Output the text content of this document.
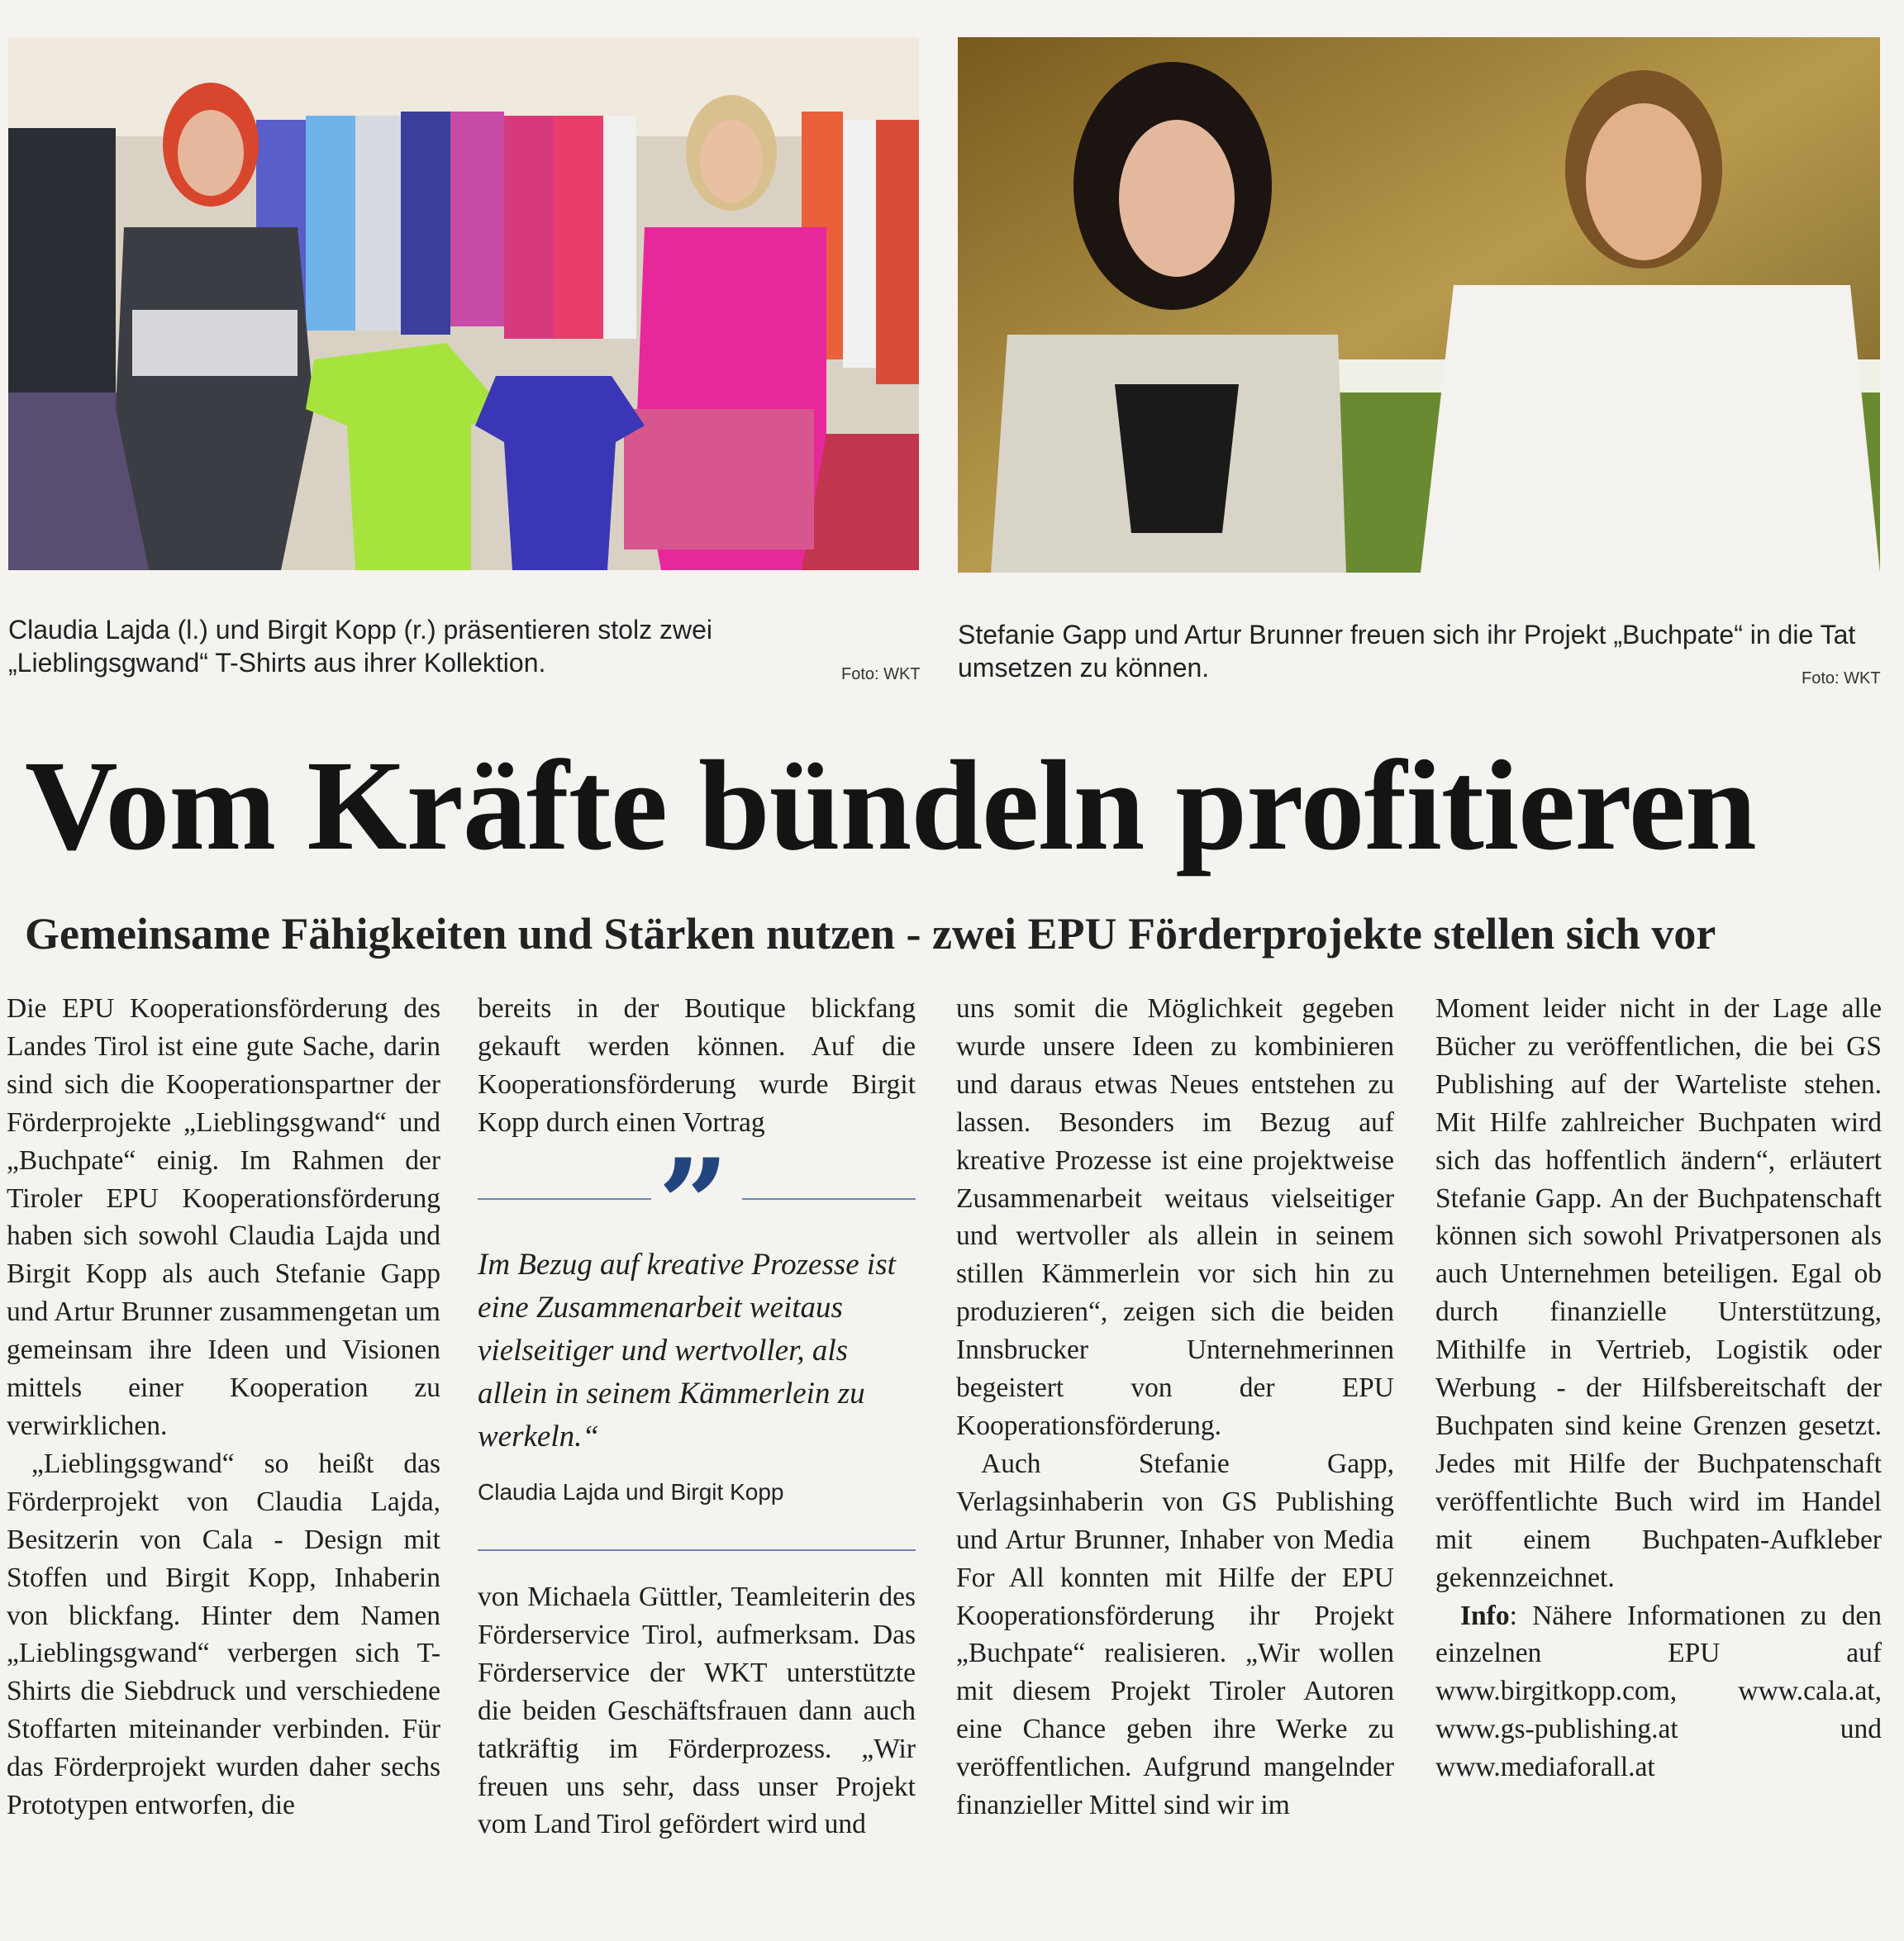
Claudia Lajda (l.) und Birgit Kopp (r.) präsentieren stolz zwei „Lieblingsgwand“ T-Shirts aus ihrer Kollektion.	Foto: WKT
Stefanie Gapp und Artur Brunner freuen sich ihr Projekt „Buchpate“ in die Tat umsetzen zu können.	Foto: WKT
Vom Kräfte bündeln profitieren
Gemeinsame Fähigkeiten und Stärken nutzen - zwei EPU Förderprojekte stellen sich vor

Die EPU Kooperationsförderung des Landes Tirol ist eine gute Sache, darin sind sich die Kooperationspartner der Förderprojekte „Lieblingsgwand“ und „Buchpate“ einig. Im Rahmen der Tiroler EPU Kooperationsförderung haben sich sowohl Claudia Lajda und Birgit Kopp als auch Stefanie Gapp und Artur Brunner zusammengetan um gemeinsam ihre Ideen und Visionen mittels einer Kooperation zu verwirklichen.

„Lieblingsgwand“ so heißt das Förderprojekt von Claudia Lajda, Besitzerin von Cala - Design mit Stoffen und Birgit Kopp, Inhaberin von blickfang. Hinter dem Namen „Lieblingsgwand“ verbergen sich T-Shirts die Siebdruck und verschiedene Stoffarten miteinander verbinden. Für das Förderprojekt wurden daher sechs Prototypen entworfen, die

bereits in der Boutique blickfang gekauft werden können. Auf die Kooperationsförderung wurde Birgit Kopp durch einen Vortrag

”
Im Bezug auf kreative Prozesse ist eine Zusammenarbeit weitaus vielseitiger und wertvoller, als allein in seinem Kämmerlein zu werkeln.“
Claudia Lajda und Birgit Kopp

von Michaela Güttler, Teamleiterin des Förderservice Tirol, aufmerksam. Das Förderservice der WKT unterstützte die beiden Geschäftsfrauen dann auch tatkräftig im Förderprozess. „Wir freuen uns sehr, dass unser Projekt vom Land Tirol gefördert wird und

uns somit die Möglichkeit gegeben wurde unsere Ideen zu kombinieren und daraus etwas Neues entstehen zu lassen. Besonders im Bezug auf kreative Prozesse ist eine projektweise Zusammenarbeit weitaus vielseitiger und wertvoller als allein in seinem stillen Kämmerlein vor sich hin zu produzieren“, zeigen sich die beiden Innsbrucker Unternehmerinnen begeistert von der EPU Kooperationsförderung.

Auch Stefanie Gapp, Verlagsinhaberin von GS Publishing und Artur Brunner, Inhaber von Media For All konnten mit Hilfe der EPU Kooperationsförderung ihr Projekt „Buchpate“ realisieren. „Wir wollen mit diesem Projekt Tiroler Autoren eine Chance geben ihre Werke zu veröffentlichen. Aufgrund mangelnder finanzieller Mittel sind wir im

Moment leider nicht in der Lage alle Bücher zu veröffentlichen, die bei GS Publishing auf der Warteliste stehen. Mit Hilfe zahlreicher Buchpaten wird sich das hoffentlich ändern“, erläutert Stefanie Gapp. An der Buchpatenschaft können sich sowohl Privatpersonen als auch Unternehmen beteiligen. Egal ob durch finanzielle Unterstützung, Mithilfe in Vertrieb, Logistik oder Werbung - der Hilfsbereitschaft der Buchpaten sind keine Grenzen gesetzt. Jedes mit Hilfe der Buchpatenschaft veröffentlichte Buch wird im Handel mit einem Buchpaten-Aufkleber gekennzeichnet.

Info: Nähere Informationen zu den einzelnen EPU auf www.birgitkopp.com, www.cala.at, www.gs-publishing.at und www.mediaforall.at
